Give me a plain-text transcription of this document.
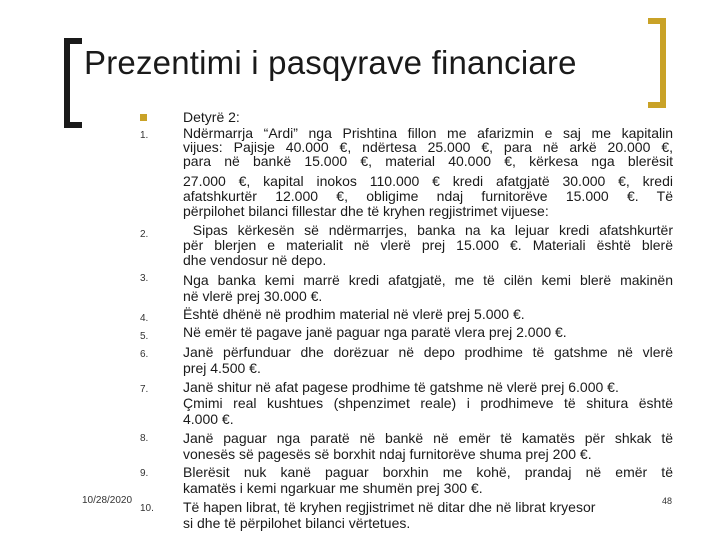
Prezentimi i pasqyrave financiare
1.
2.
3.
4.
5.
6.
7.
8.
9.
10.
Detyrë 2:
Ndërmarrja “Ardi” nga Prishtina fillon me afarizmin e saj me kapitalin
vijues: Pajisje 40.000 €, ndërtesa 25.000 €, para në arkë 20.000 €,
para në bankë 15.000 €, material 40.000 €, kërkesa nga blerësit
27.000 €, kapital inokos 110.000 € kredi afatgjatë 30.000 €, kredi
afatshkurtër 12.000 €, obligime ndaj furnitorëve 15.000 €. Të
përpilohet bilanci fillestar dhe të kryhen regjistrimet vijuese:
Sipas kërkesën së ndërmarrjes, banka na ka lejuar kredi afatshkurtër
për blerjen e materialit në vlerë prej 15.000 €. Materiali është blerë
dhe vendosur në depo.
Nga banka kemi marrë kredi afatgjatë, me të cilën kemi blerë makinën
në vlerë prej 30.000 €.
Është dhënë në prodhim material në vlerë prej 5.000 €.
Në emër të pagave janë paguar nga paratë vlera prej 2.000 €.
Janë përfunduar dhe dorëzuar në depo prodhime të gatshme në vlerë
prej 4.500 €.
Janë shitur në afat pagese prodhime të gatshme në vlerë prej 6.000 €.
Çmimi real kushtues (shpenzimet reale) i prodhimeve të shitura është
4.000 €.
Janë paguar nga paratë në bankë në emër të kamatës për shkak të
vonesës së pagesës së borxhit ndaj furnitorëve shuma prej 200 €.
Blerësit nuk kanë paguar borxhin me kohë, prandaj në emër të
kamatës i kemi ngarkuar me shumën prej 300 €.
Të hapen librat, të kryhen regjistrimet në ditar dhe në librat kryesor
si dhe të përpilohet bilanci vërtetues.
10/28/2020	48
